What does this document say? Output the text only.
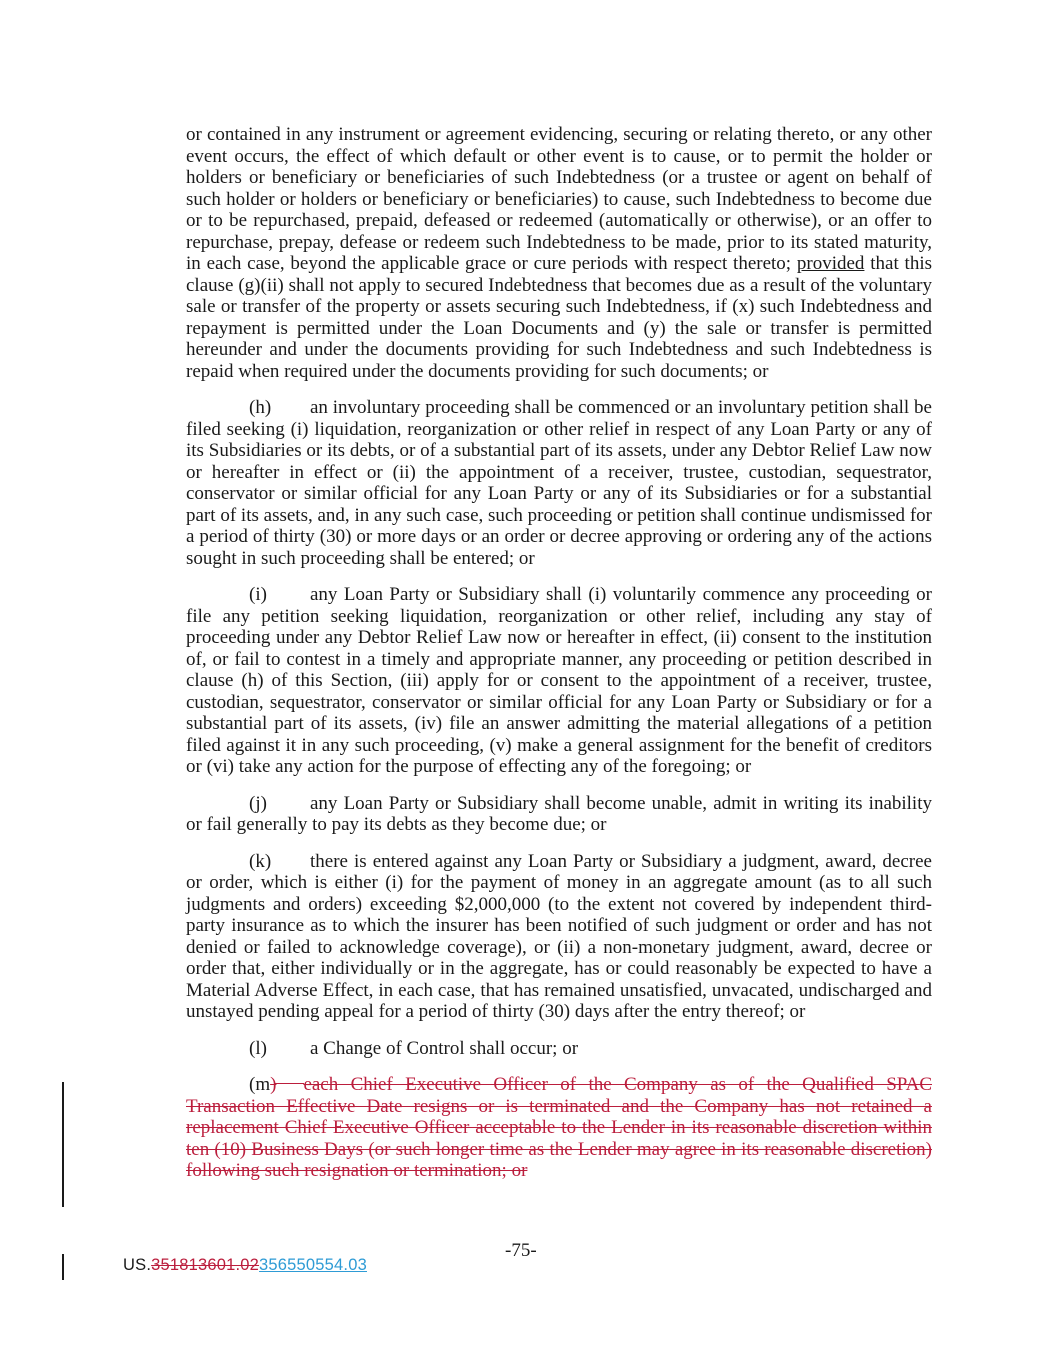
or contained in any instrument or agreement evidencing, securing or relating thereto, or any other event occurs, the effect of which default or other event is to cause, or to permit the holder or holders or beneficiary or beneficiaries of such Indebtedness (or a trustee or agent on behalf of such holder or holders or beneficiary or beneficiaries) to cause, such Indebtedness to become due or to be repurchased, prepaid, defeased or redeemed (automatically or otherwise), or an offer to repurchase, prepay, defease or redeem such Indebtedness to be made, prior to its stated maturity, in each case, beyond the applicable grace or cure periods with respect thereto; provided that this clause (g)(ii) shall not apply to secured Indebtedness that becomes due as a result of the voluntary sale or transfer of the property or assets securing such Indebtedness, if (x) such Indebtedness and repayment is permitted under the Loan Documents and (y) the sale or transfer is permitted hereunder and under the documents providing for such Indebtedness and such Indebtedness is repaid when required under the documents providing for such documents; or

(h) an involuntary proceeding shall be commenced or an involuntary petition shall be filed seeking (i) liquidation, reorganization or other relief in respect of any Loan Party or any of its Subsidiaries or its debts, or of a substantial part of its assets, under any Debtor Relief Law now or hereafter in effect or (ii) the appointment of a receiver, trustee, custodian, sequestrator, conservator or similar official for any Loan Party or any of its Subsidiaries or for a substantial part of its assets, and, in any such case, such proceeding or petition shall continue undismissed for a period of thirty (30) or more days or an order or decree approving or ordering any of the actions sought in such proceeding shall be entered; or

(i) any Loan Party or Subsidiary shall (i) voluntarily commence any proceeding or file any petition seeking liquidation, reorganization or other relief, including any stay of proceeding under any Debtor Relief Law now or hereafter in effect, (ii) consent to the institution of, or fail to contest in a timely and appropriate manner, any proceeding or petition described in clause (h) of this Section, (iii) apply for or consent to the appointment of a receiver, trustee, custodian, sequestrator, conservator or similar official for any Loan Party or Subsidiary or for a substantial part of its assets, (iv) file an answer admitting the material allegations of a petition filed against it in any such proceeding, (v) make a general assignment for the benefit of creditors or (vi) take any action for the purpose of effecting any of the foregoing; or

(j) any Loan Party or Subsidiary shall become unable, admit in writing its inability or fail generally to pay its debts as they become due; or

(k) there is entered against any Loan Party or Subsidiary a judgment, award, decree or order, which is either (i) for the payment of money in an aggregate amount (as to all such judgments and orders) exceeding $2,000,000 (to the extent not covered by independent third-party insurance as to which the insurer has been notified of such judgment or order and has not denied or failed to acknowledge coverage), or (ii) a non-monetary judgment, award, decree or order that, either individually or in the aggregate, has or could reasonably be expected to have a Material Adverse Effect, in each case, that has remained unsatisfied, unvacated, undischarged and unstayed pending appeal for a period of thirty (30) days after the entry thereof; or

(l) a Change of Control shall occur; or

(m) each Chief Executive Officer of the Company as of the Qualified SPAC Transaction Effective Date resigns or is terminated and the Company has not retained a replacement Chief Executive Officer acceptable to the Lender in its reasonable discretion within ten (10) Business Days (or such longer time as the Lender may agree in its reasonable discretion) following such resignation or termination; or

-75-
US.351813601.02356550554.03
